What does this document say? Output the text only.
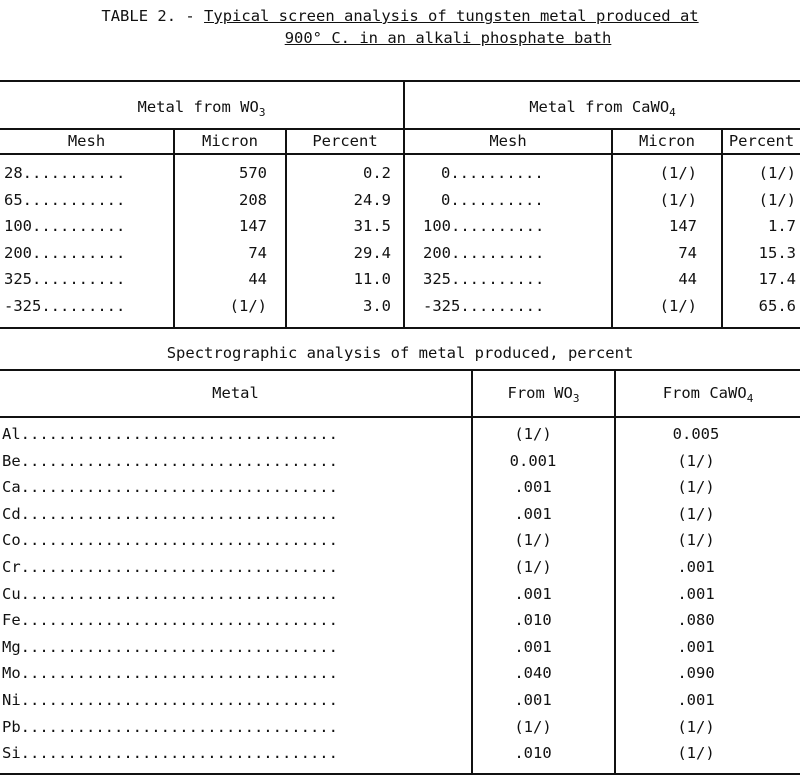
TABLE 2. - Typical screen analysis of tungsten metal produced at
900° C. in an alkali phosphate bath
Metal from $WO_3$	Metal from CaWO$_4$
Mesh	Micron	Percent	Mesh	Micron	Percent
28...........	570	0.2	0..........	(1/)	(1/)
65...........	208	24.9	0..........	(1/)	(1/)
100..........	147	31.5 100..........	147	1.7
200..........	74	29.4 200..........	74	15.3
325..........	44	11.0 325..........	44	17.4
-325.........	(1/)	3.0 -325.........	(1/)	65.6
Spectrographic analysis of metal produced, percent
Metal	From $WO_3$	From CaWO$_4$
Al..................................	(1/)	0.005
Be..................................	0.001	(1/)
Ca..................................	.001	(1/)
Cd..................................	.001	(1/)
Co..................................	(1/)	(1/)
Cr..................................	(1/)	.001
Cu..................................	.001	.001
Fe..................................	.010	.080
Mg..................................	.001	.001
Mo..................................	.040	.090
Ni..................................	.001	.001
Pb..................................	(1/)	(1/)
Si..................................	.010	(1/)
